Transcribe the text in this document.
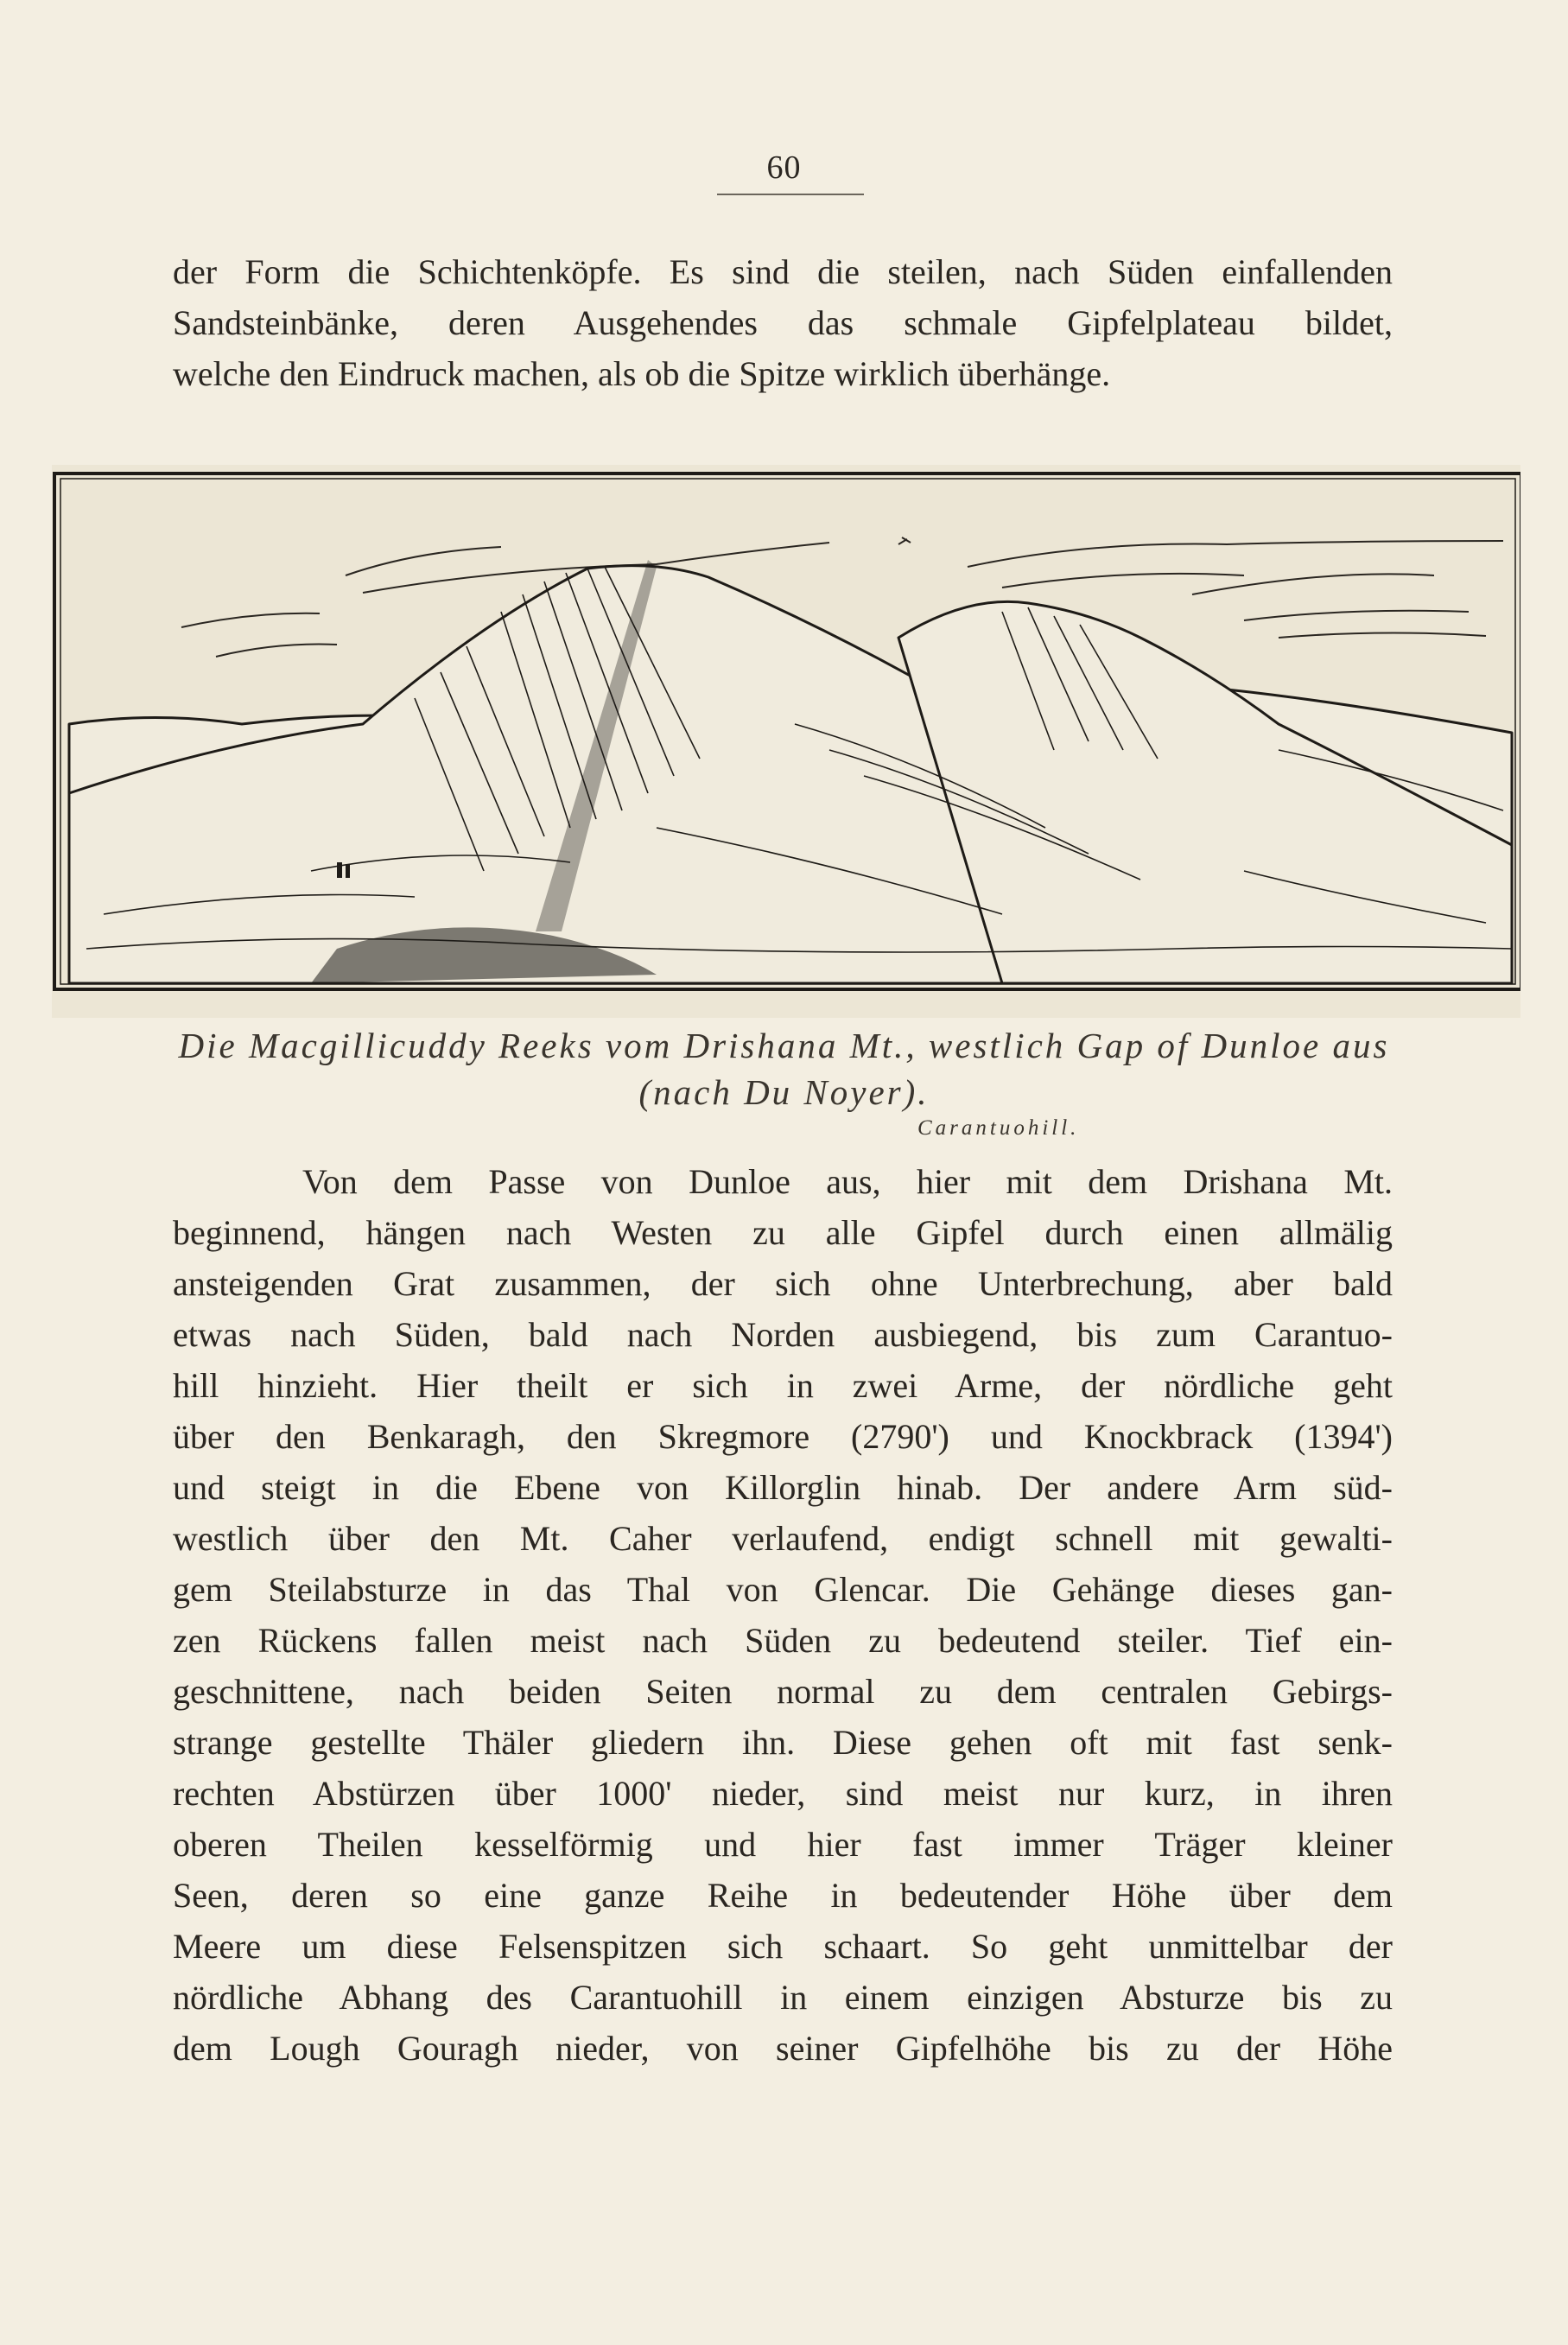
60

der Form die Schichtenköpfe. Es sind die steilen, nach Süden einfallenden
Sandsteinbänke, deren Ausgehendes das schmale Gipfelplateau bildet,
welche den Eindruck machen, als ob die Spitze wirklich überhänge.

Die Macgillicuddy Reeks vom Drishana Mt., westlich Gap of Dunloe aus
(nach Du Noyer).
Carantuohill.

Von dem Passe von Dunloe aus, hier mit dem Drishana Mt.
beginnend, hängen nach Westen zu alle Gipfel durch einen allmälig
ansteigenden Grat zusammen, der sich ohne Unterbrechung, aber bald
etwas nach Süden, bald nach Norden ausbiegend, bis zum Carantuo-
hill hinzieht. Hier theilt er sich in zwei Arme, der nördliche geht
über den Benkaragh, den Skregmore (2790') und Knockbrack (1394')
und steigt in die Ebene von Killorglin hinab. Der andere Arm süd-
westlich über den Mt. Caher verlaufend, endigt schnell mit gewalti-
gem Steilabsturze in das Thal von Glencar. Die Gehänge dieses gan-
zen Rückens fallen meist nach Süden zu bedeutend steiler. Tief ein-
geschnittene, nach beiden Seiten normal zu dem centralen Gebirgs-
strange gestellte Thäler gliedern ihn. Diese gehen oft mit fast senk-
rechten Abstürzen über 1000' nieder, sind meist nur kurz, in ihren
oberen Theilen kesselförmig und hier fast immer Träger kleiner
Seen, deren so eine ganze Reihe in bedeutender Höhe über dem
Meere um diese Felsenspitzen sich schaart. So geht unmittelbar der
nördliche Abhang des Carantuohill in einem einzigen Absturze bis zu
dem Lough Gouragh nieder, von seiner Gipfelhöhe bis zu der Höhe
